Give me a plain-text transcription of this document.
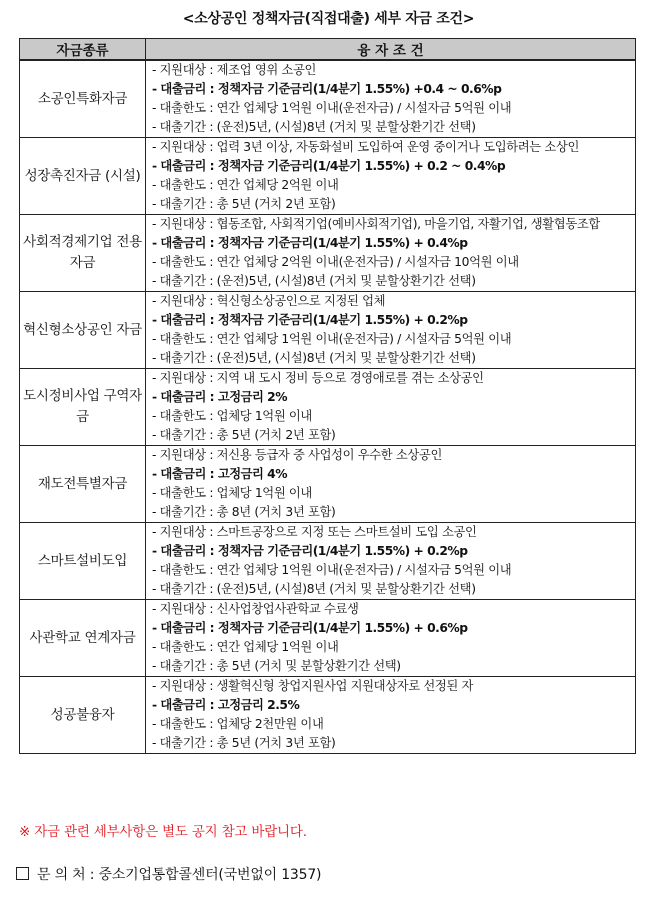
<소상공인 정책자금(직접대출) 세부 자금 조건>
자금종류	융 자 조 건
소공인특화자금	- 지원대상 : 제조업 영위 소공인
- 대출금리 : 정책자금 기준금리(1/4분기 1.55%) +0.4 ~ 0.6%p
- 대출한도 : 연간 업체당 1억원 이내(운전자금) / 시설자금 5억원 이내
- 대출기간 : (운전)5년, (시설)8년 (거치 및 분할상환기간 선택)

성장촉진자금 (시설)	- 지원대상 : 업력 3년 이상, 자동화설비 도입하여 운영 중이거나 도입하려는 소상인
- 대출금리 : 정책자금 기준금리(1/4분기 1.55%) + 0.2 ~ 0.4%p
- 대출한도 : 연간 업체당 2억원 이내
- 대출기간 : 총 5년 (거치 2년 포함)

사회적경제기업 전용자금	- 지원대상 : 협동조합, 사회적기업(예비사회적기업), 마을기업, 자활기업, 생활협동조합
- 대출금리 : 정책자금 기준금리(1/4분기 1.55%) + 0.4%p
- 대출한도 : 연간 업체당 2억원 이내(운전자금) / 시설자금 10억원 이내
- 대출기간 : (운전)5년, (시설)8년 (거치 및 분할상환기간 선택)

혁신형소상공인 자금	- 지원대상 : 혁신형소상공인으로 지정된 업체
- 대출금리 : 정책자금 기준금리(1/4분기 1.55%) + 0.2%p
- 대출한도 : 연간 업체당 1억원 이내(운전자금) / 시설자금 5억원 이내
- 대출기간 : (운전)5년, (시설)8년 (거치 및 분할상환기간 선택)

도시정비사업 구역자금	- 지원대상 : 지역 내 도시 정비 등으로 경영애로를 겪는 소상공인
- 대출금리 : 고정금리 2%
- 대출한도 : 업체당 1억원 이내
- 대출기간 : 총 5년 (거치 2년 포함)

재도전특별자금	- 지원대상 : 저신용 등급자 중 사업성이 우수한 소상공인
- 대출금리 : 고정금리 4%
- 대출한도 : 업체당 1억원 이내
- 대출기간 : 총 8년 (거치 3년 포함)

스마트설비도입	- 지원대상 : 스마트공장으로 지정 또는 스마트설비 도입 소공인
- 대출금리 : 정책자금 기준금리(1/4분기 1.55%) + 0.2%p
- 대출한도 : 연간 업체당 1억원 이내(운전자금) / 시설자금 5억원 이내
- 대출기간 : (운전)5년, (시설)8년 (거치 및 분할상환기간 선택)

사관학교 연계자금	- 지원대상 : 신사업창업사관학교 수료생
- 대출금리 : 정책자금 기준금리(1/4분기 1.55%) + 0.6%p
- 대출한도 : 연간 업체당 1억원 이내
- 대출기간 : 총 5년 (거치 및 분할상환기간 선택)

성공불융자	- 지원대상 : 생활혁신형 창업지원사업 지원대상자로 선정된 자
- 대출금리 : 고정금리 2.5%
- 대출한도 : 업체당 2천만원 이내
- 대출기간 : 총 5년 (거치 3년 포함)
※ 자금 관련 세부사항은 별도 공지 참고 바랍니다.
문 의 처 : 중소기업통합콜센터(국번없이 1357)
